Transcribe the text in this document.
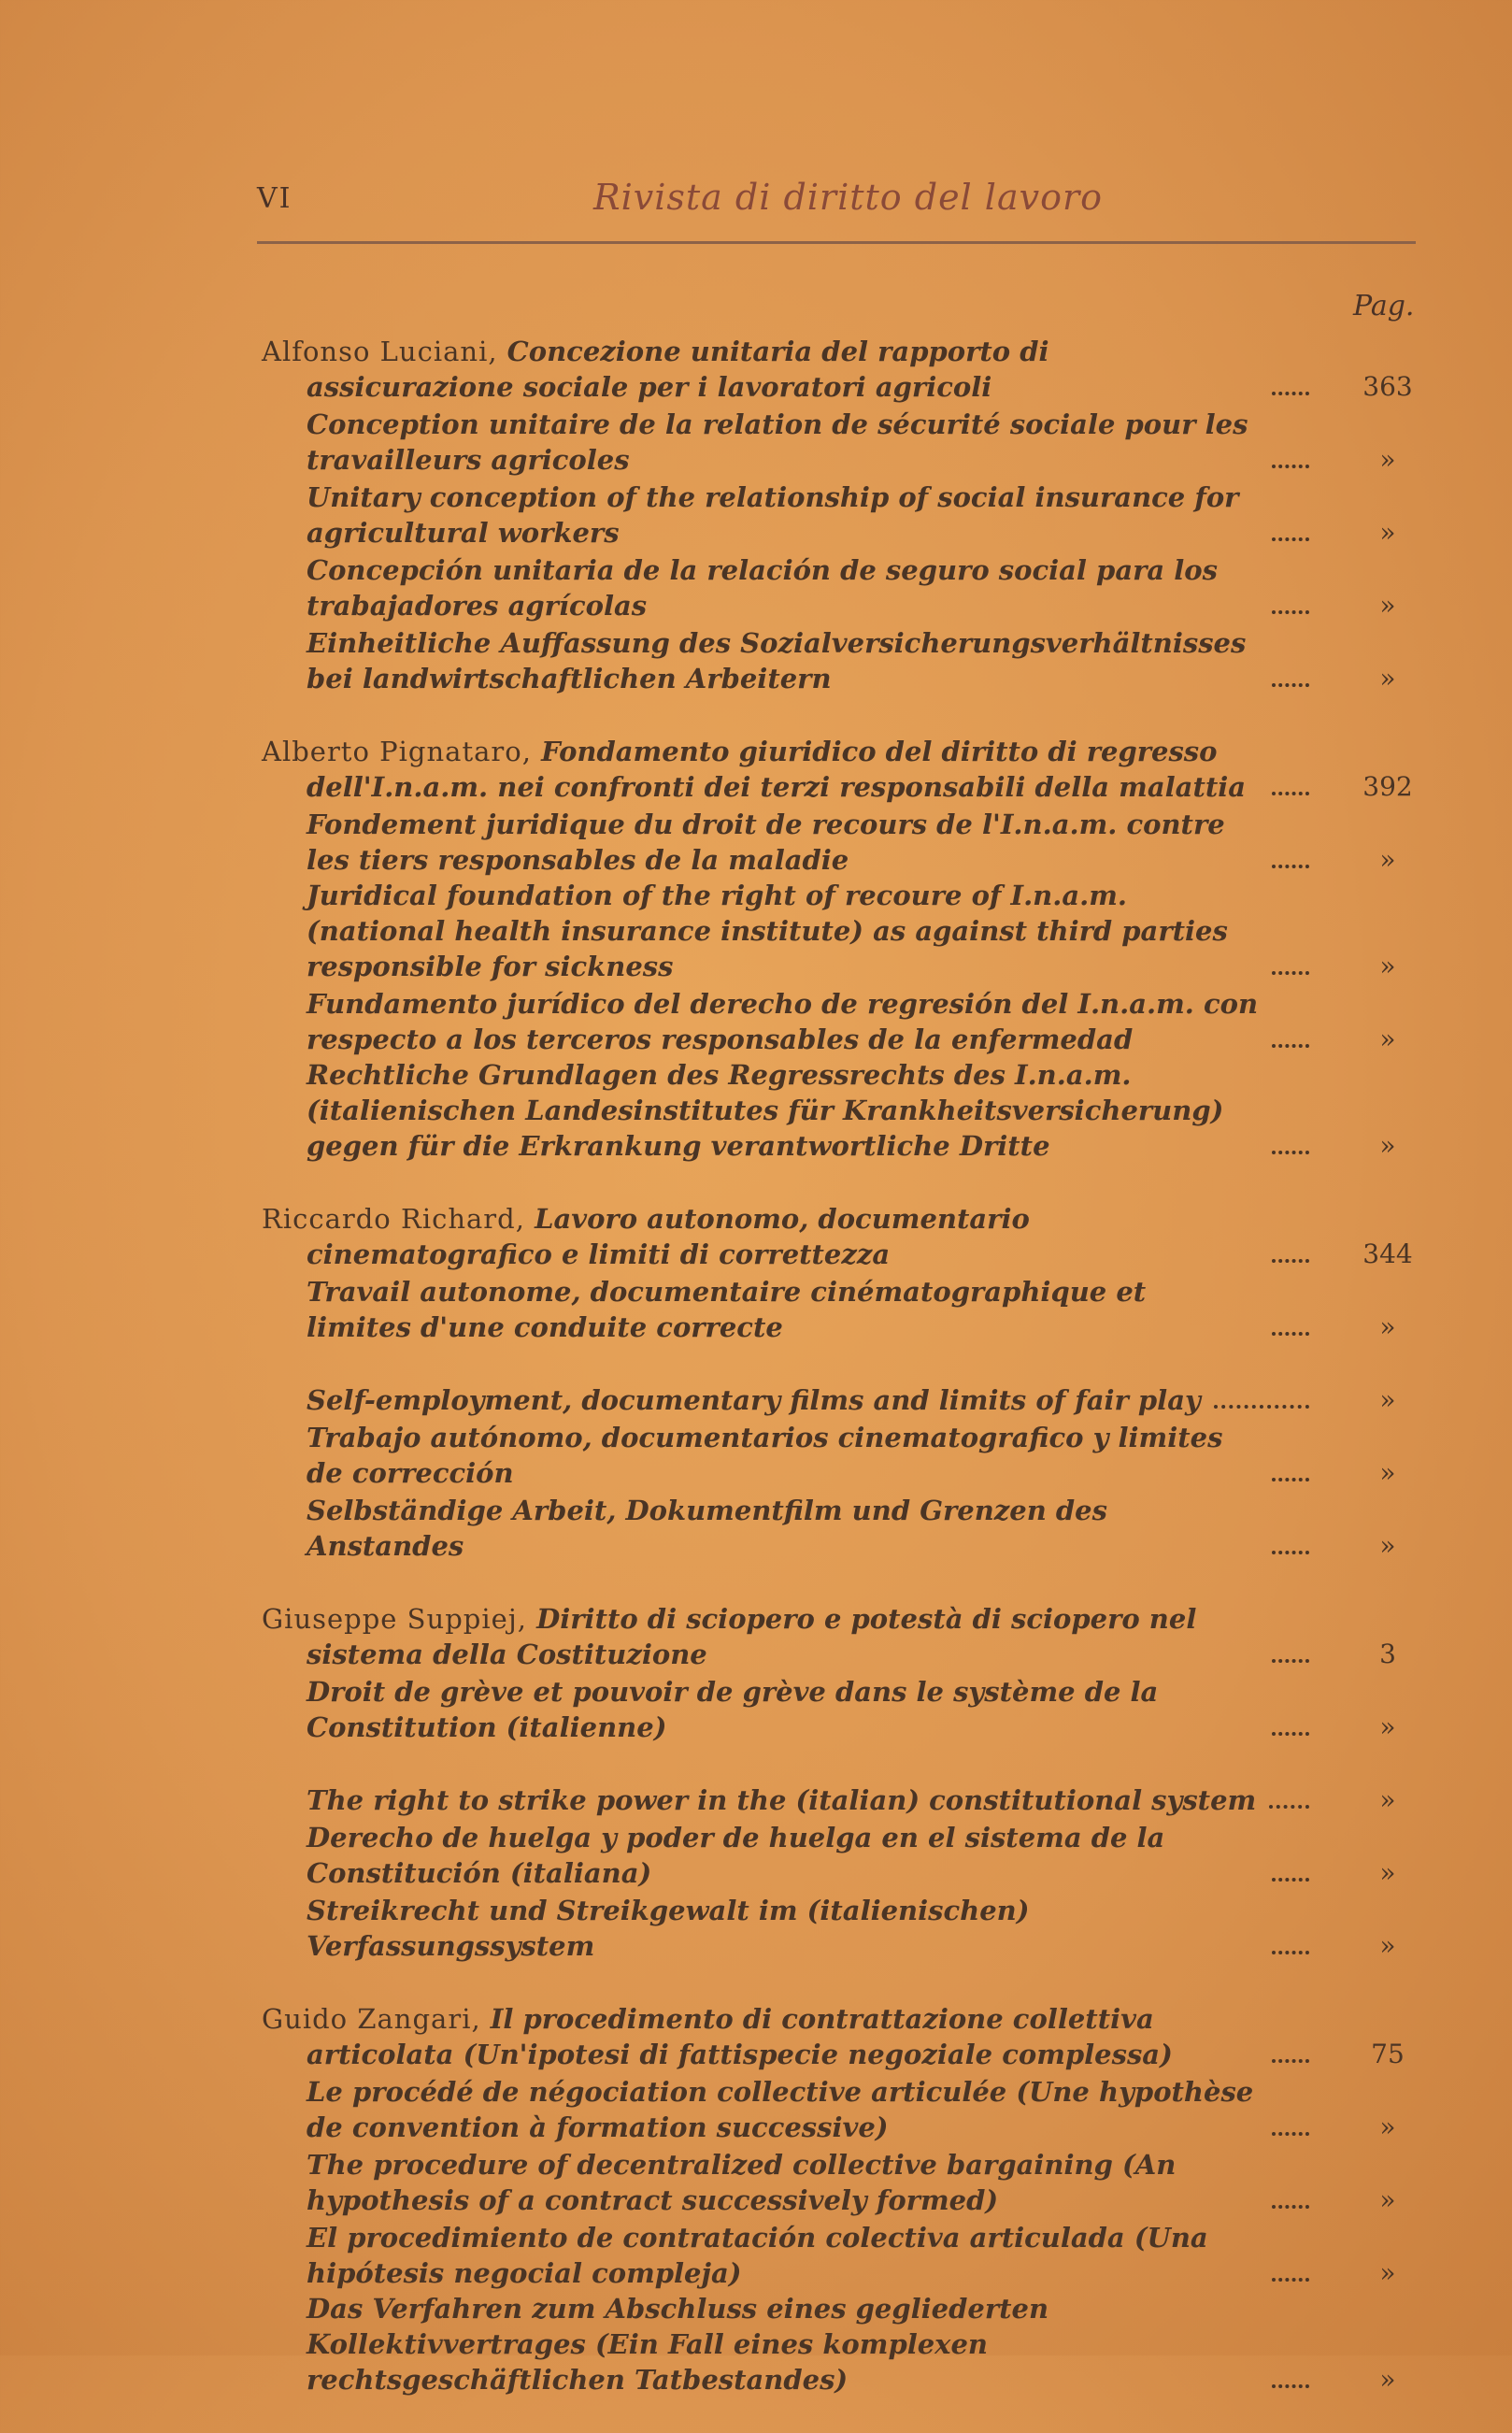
VI	Rivista di diritto del lavoro
Pag.
Alfonso Luciani, Concezione unitaria del rapporto di assicurazione sociale per i lavoratori agricoli	363
Conception unitaire de la relation de sécurité sociale pour les travailleurs agricoles	»
Unitary conception of the relationship of social insurance for agricultural workers	»
Concepción unitaria de la relación de seguro social para los trabajadores agrícolas	»
Einheitliche Auffassung des Sozialversicherungsverhältnisses bei landwirtschaftlichen Arbeitern	»
Alberto Pignataro, Fondamento giuridico del diritto di regresso dell'I.n.a.m. nei confronti dei terzi responsabili della malattia	392
Fondement juridique du droit de recours de l'I.n.a.m. contre les tiers responsables de la maladie	»
Juridical foundation of the right of recoure of I.n.a.m. (national health insurance institute) as against third parties responsible for sickness	»
Fundamento jurídico del derecho de regresión del I.n.a.m. con respecto a los terceros responsables de la enfermedad	»
Rechtliche Grundlagen des Regressrechts des I.n.a.m. (italienischen Landesinstitutes für Krankheitsversicherung) gegen für die Erkrankung verantwortliche Dritte	»
Riccardo Richard, Lavoro autonomo, documentario cinematografico e limiti di correttezza	344
Travail autonome, documentaire cinématographique et limites d'une conduite correcte	»
Self-employment, documentary films and limits of fair play	»
Trabajo autónomo, documentarios cinematografico y limites de corrección	»
Selbständige Arbeit, Dokumentfilm und Grenzen des Anstandes	»
Giuseppe Suppiej, Diritto di sciopero e potestà di sciopero nel sistema della Costituzione	3
Droit de grève et pouvoir de grève dans le système de la Constitution (italienne)	»
The right to strike power in the (italian) constitutional system	»
Derecho de huelga y poder de huelga en el sistema de la Constitución (italiana)	»
Streikrecht und Streikgewalt im (italienischen) Verfassungssystem	»
Guido Zangari, Il procedimento di contrattazione collettiva articolata (Un'ipotesi di fattispecie negoziale complessa)	75
Le procédé de négociation collective articulée (Une hypothèse de convention à formation successive)	»
The procedure of decentralized collective bargaining (An hypothesis of a contract successively formed)	»
El procedimiento de contratación colectiva articulada (Una hipótesis negocial compleja)	»
Das Verfahren zum Abschluss eines gegliederten Kollektivvertrages (Ein Fall eines komplexen rechtsgeschäftlichen Tatbestandes)	»
